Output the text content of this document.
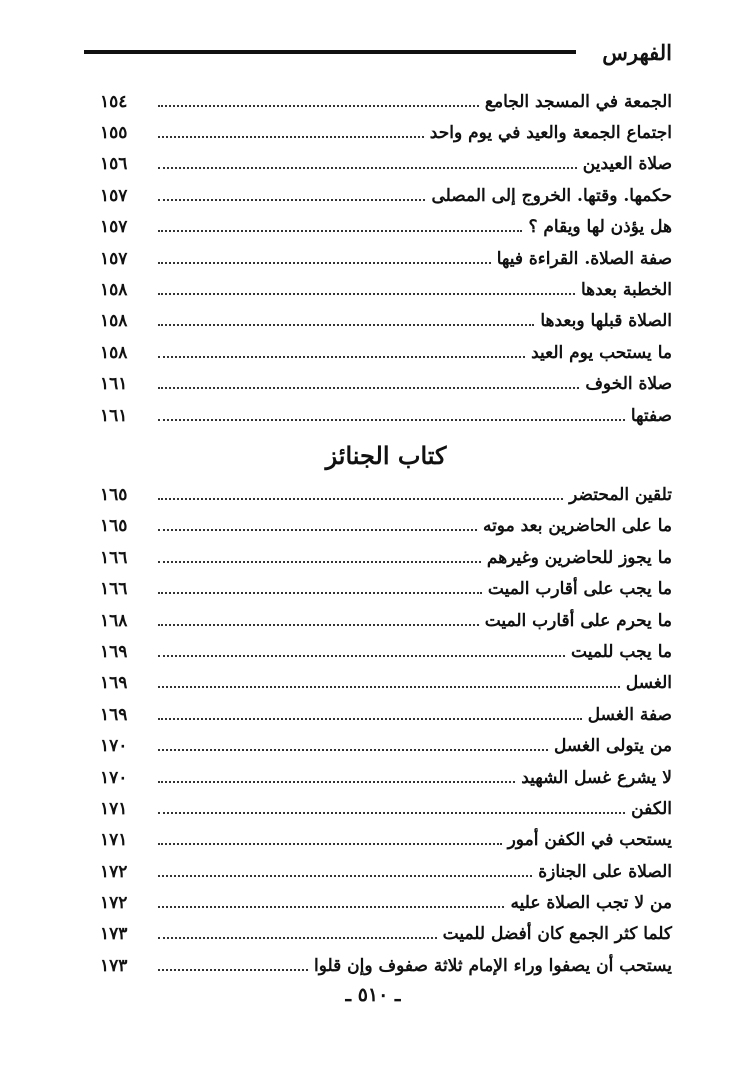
الفهرس
الجمعة في المسجد الجامع
١٥٤
اجتماع الجمعة والعيد في يوم واحد
١٥٥
صلاة العيدين
١٥٦
حكمها. وقتها. الخروج إلى المصلى
١٥٧
هل يؤذن لها ويقام ؟
١٥٧
صفة الصلاة. القراءة فيها
١٥٧
الخطبة بعدها
١٥٨
الصلاة قبلها وبعدها
١٥٨
ما يستحب يوم العيد
١٥٨
صلاة الخوف
١٦١
صفتها
١٦١
كتاب الجنائز
تلقين المحتضر
١٦٥
ما على الحاضرين بعد موته
١٦٥
ما يجوز للحاضرين وغيرهم
١٦٦
ما يجب على أقارب الميت
١٦٦
ما يحرم على أقارب الميت
١٦٨
ما يجب للميت
١٦٩
الغسل
١٦٩
صفة الغسل
١٦٩
من يتولى الغسل
١٧٠
لا يشرع غسل الشهيد
١٧٠
الكفن
١٧١
يستحب في الكفن أمور
١٧١
الصلاة على الجنازة
١٧٢
من لا تجب الصلاة عليه
١٧٢
كلما كثر الجمع كان أفضل للميت
١٧٣
يستحب أن يصفوا وراء الإمام ثلاثة صفوف وإن قلوا
١٧٣
ـ ٥١٠ ـ
